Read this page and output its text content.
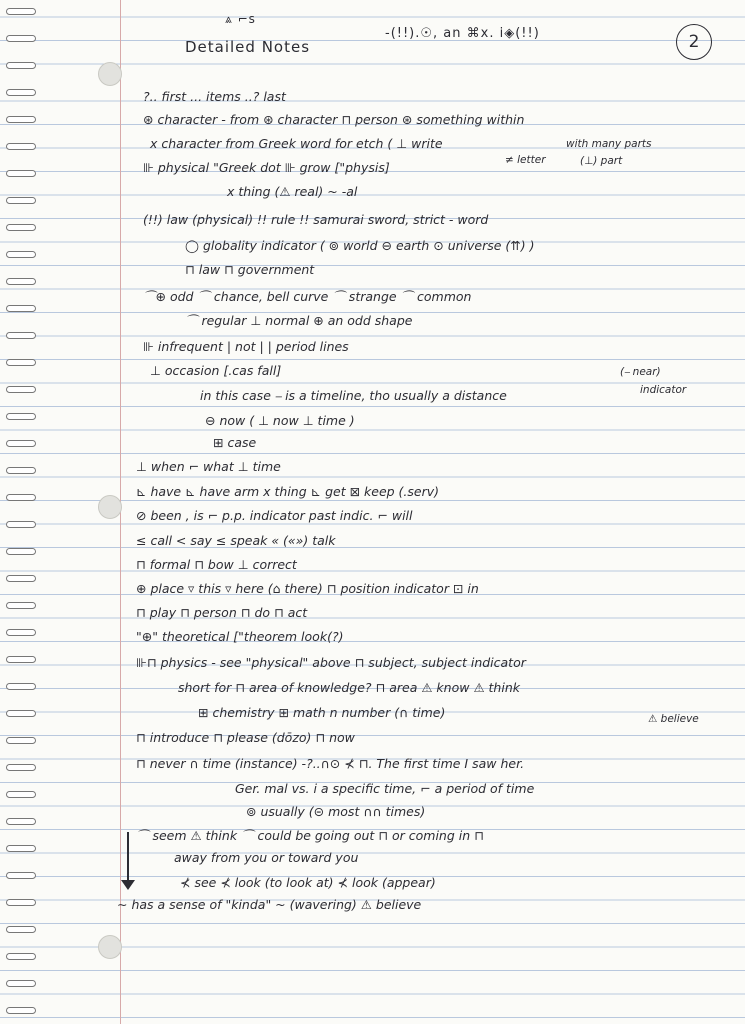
⩓ ⌐s
Detailed Notes
-(!!).☉, an ⌘x. i◈(!!)	2
?.. first ... items ..? last
⊛ character - from ⊛ character ⊓ person ⊛ something within
x character from Greek word for etch ( ⊥ write	with many parts
≠ letter	(⊥) part
⊪ physical "Greek dot ⊪ grow ["physis]
x thing (⚠ real) ~ -al
(!!) law (physical) !! rule !! samurai sword, strict - word
◯ globality indicator ( ⊚ world ⊖ earth ⊙ universe (⇈) )
⊓ law ⊓ government
⌒⊕ odd ⌒ chance, bell curve ⌒ strange ⌒ common
⌒ regular ⊥ normal ⊕ an odd shape
⊪ infrequent | not | | period lines
⊥ occasion [.cas fall]	(⎯ near)
indicator
in this case ⎯ is a timeline, tho usually a distance
⊖ now ( ⊥ now ⊥ time )
⊞ case
⊥ when ⌐ what ⊥ time
⊾ have ⊾ have arm x thing ⊾ get ⊠ keep (.serv)
⊘ been , is ⌐ p.p. indicator past indic. ⌐ will
≤ call < say ≤ speak « («») talk
⊓ formal ⊓ bow ⊥ correct
⊕ place ▿ this ▿ here (⌂ there) ⊓ position indicator ⊡ in
⊓ play ⊓ person ⊓ do ⊓ act
"⊕" theoretical ["theorem look(?)
⊪⊓ physics - see "physical" above ⊓ subject, subject indicator
short for ⊓ area of knowledge? ⊓ area ⚠ know ⚠ think
⊞ chemistry ⊞ math n number (∩ time)	⚠ believe
⊓ introduce ⊓ please (dōzo) ⊓ now
⊓ never ∩ time (instance) -?..∩⊙ ⊀ ⊓. The first time I saw her.
Ger. mal vs. i a specific time, ⌐ a period of time
⊚ usually (⊝ most ∩∩ times)
⌒ seem ⚠ think ⌒ could be going out ⊓ or coming in ⊓
away from you or toward you
⊀ see ⊀ look (to look at) ⊀ look (appear)
∼ has a sense of "kinda" ~ (wavering) ⚠ believe
